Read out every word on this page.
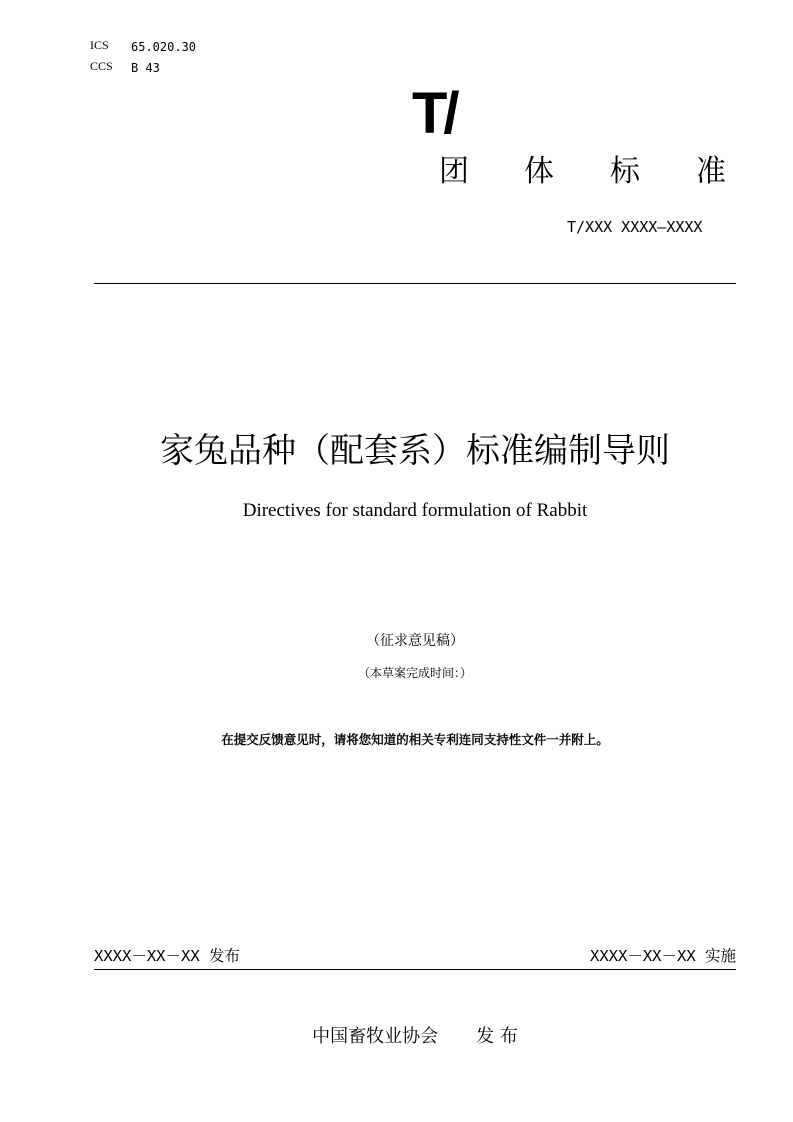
ICS 65.020.30
CCS B 43
T/
团 体 标 准
T/XXX XXXX—XXXX
家兔品种（配套系）标准编制导则
Directives for standard formulation of Rabbit
（征求意见稿）
（本草案完成时间：）
在提交反馈意见时，请将您知道的相关专利连同支持性文件一并附上。
XXXX－XX－XX 发布	XXXX－XX－XX 实施
中国畜牧业协会 发 布
